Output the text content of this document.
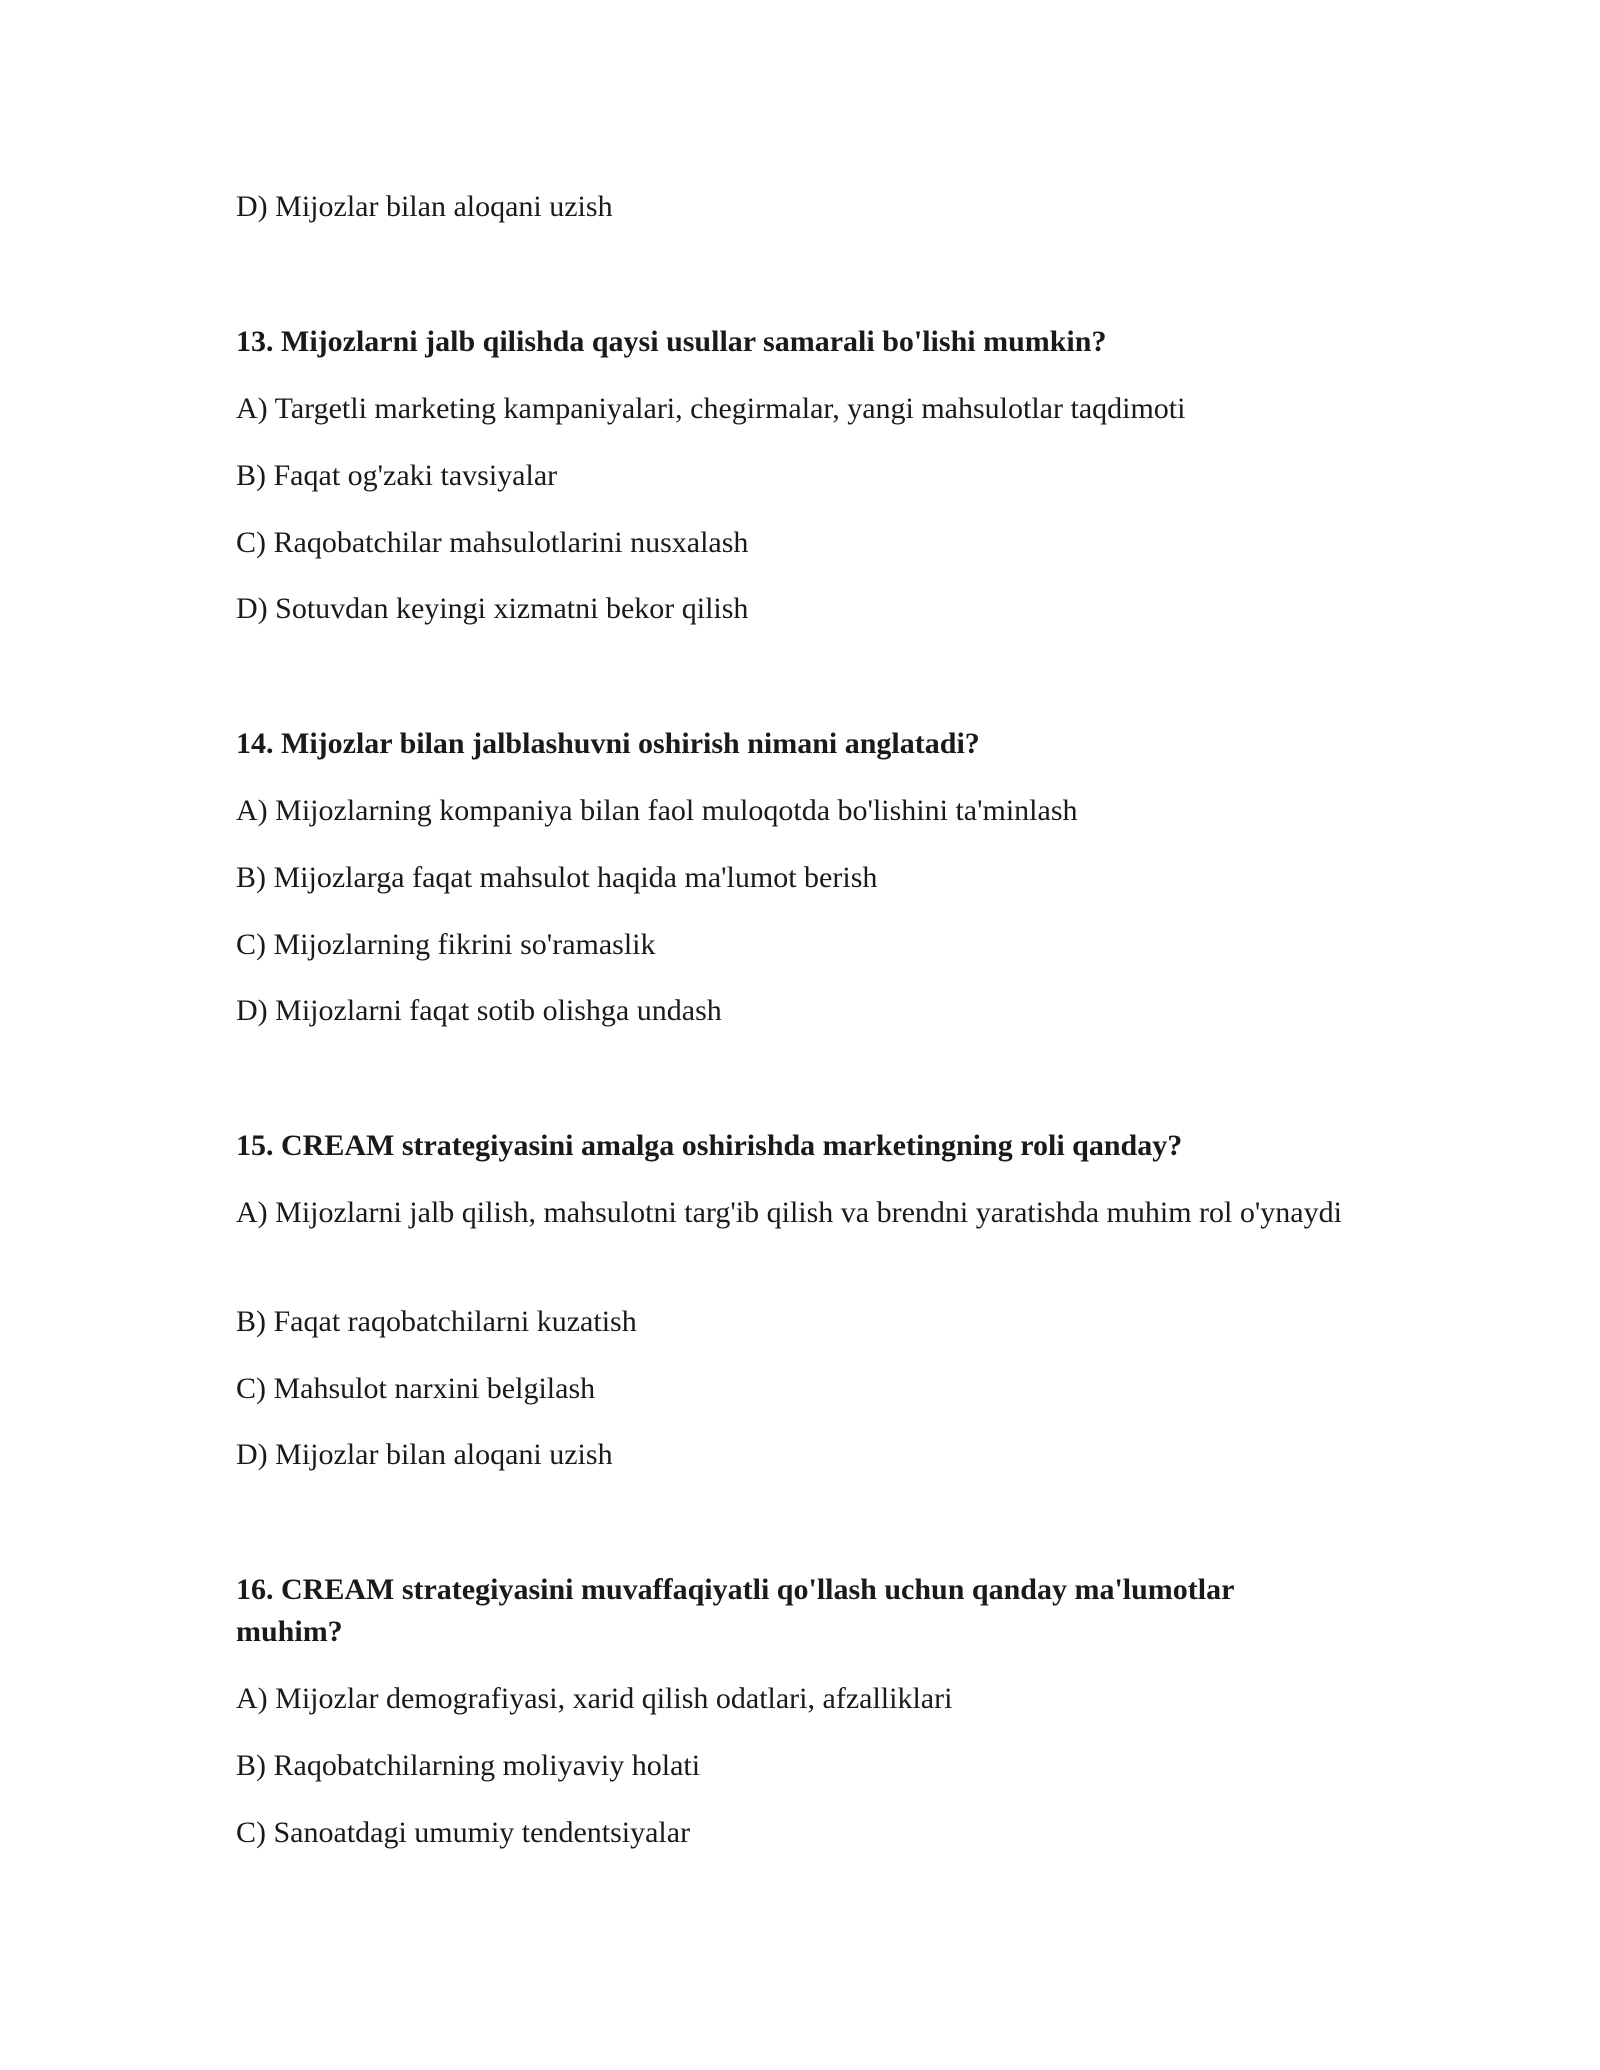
D) Mijozlar bilan aloqani uzish
13. Mijozlarni jalb qilishda qaysi usullar samarali bo'lishi mumkin?
A) Targetli marketing kampaniyalari, chegirmalar, yangi mahsulotlar taqdimoti
B) Faqat og'zaki tavsiyalar
C) Raqobatchilar mahsulotlarini nusxalash
D) Sotuvdan keyingi xizmatni bekor qilish
14. Mijozlar bilan jalblashuvni oshirish nimani anglatadi?
A) Mijozlarning kompaniya bilan faol muloqotda bo'lishini ta'minlash
B) Mijozlarga faqat mahsulot haqida ma'lumot berish
C) Mijozlarning fikrini so'ramaslik
D) Mijozlarni faqat sotib olishga undash
15. CREAM strategiyasini amalga oshirishda marketingning roli qanday?
A) Mijozlarni jalb qilish, mahsulotni targ'ib qilish va brendni yaratishda muhim rol o'ynaydi
B) Faqat raqobatchilarni kuzatish
C) Mahsulot narxini belgilash
D) Mijozlar bilan aloqani uzish
16. CREAM strategiyasini muvaffaqiyatli qo'llash uchun qanday ma'lumotlar muhim?
A) Mijozlar demografiyasi, xarid qilish odatlari, afzalliklari
B) Raqobatchilarning moliyaviy holati
C) Sanoatdagi umumiy tendentsiyalar
